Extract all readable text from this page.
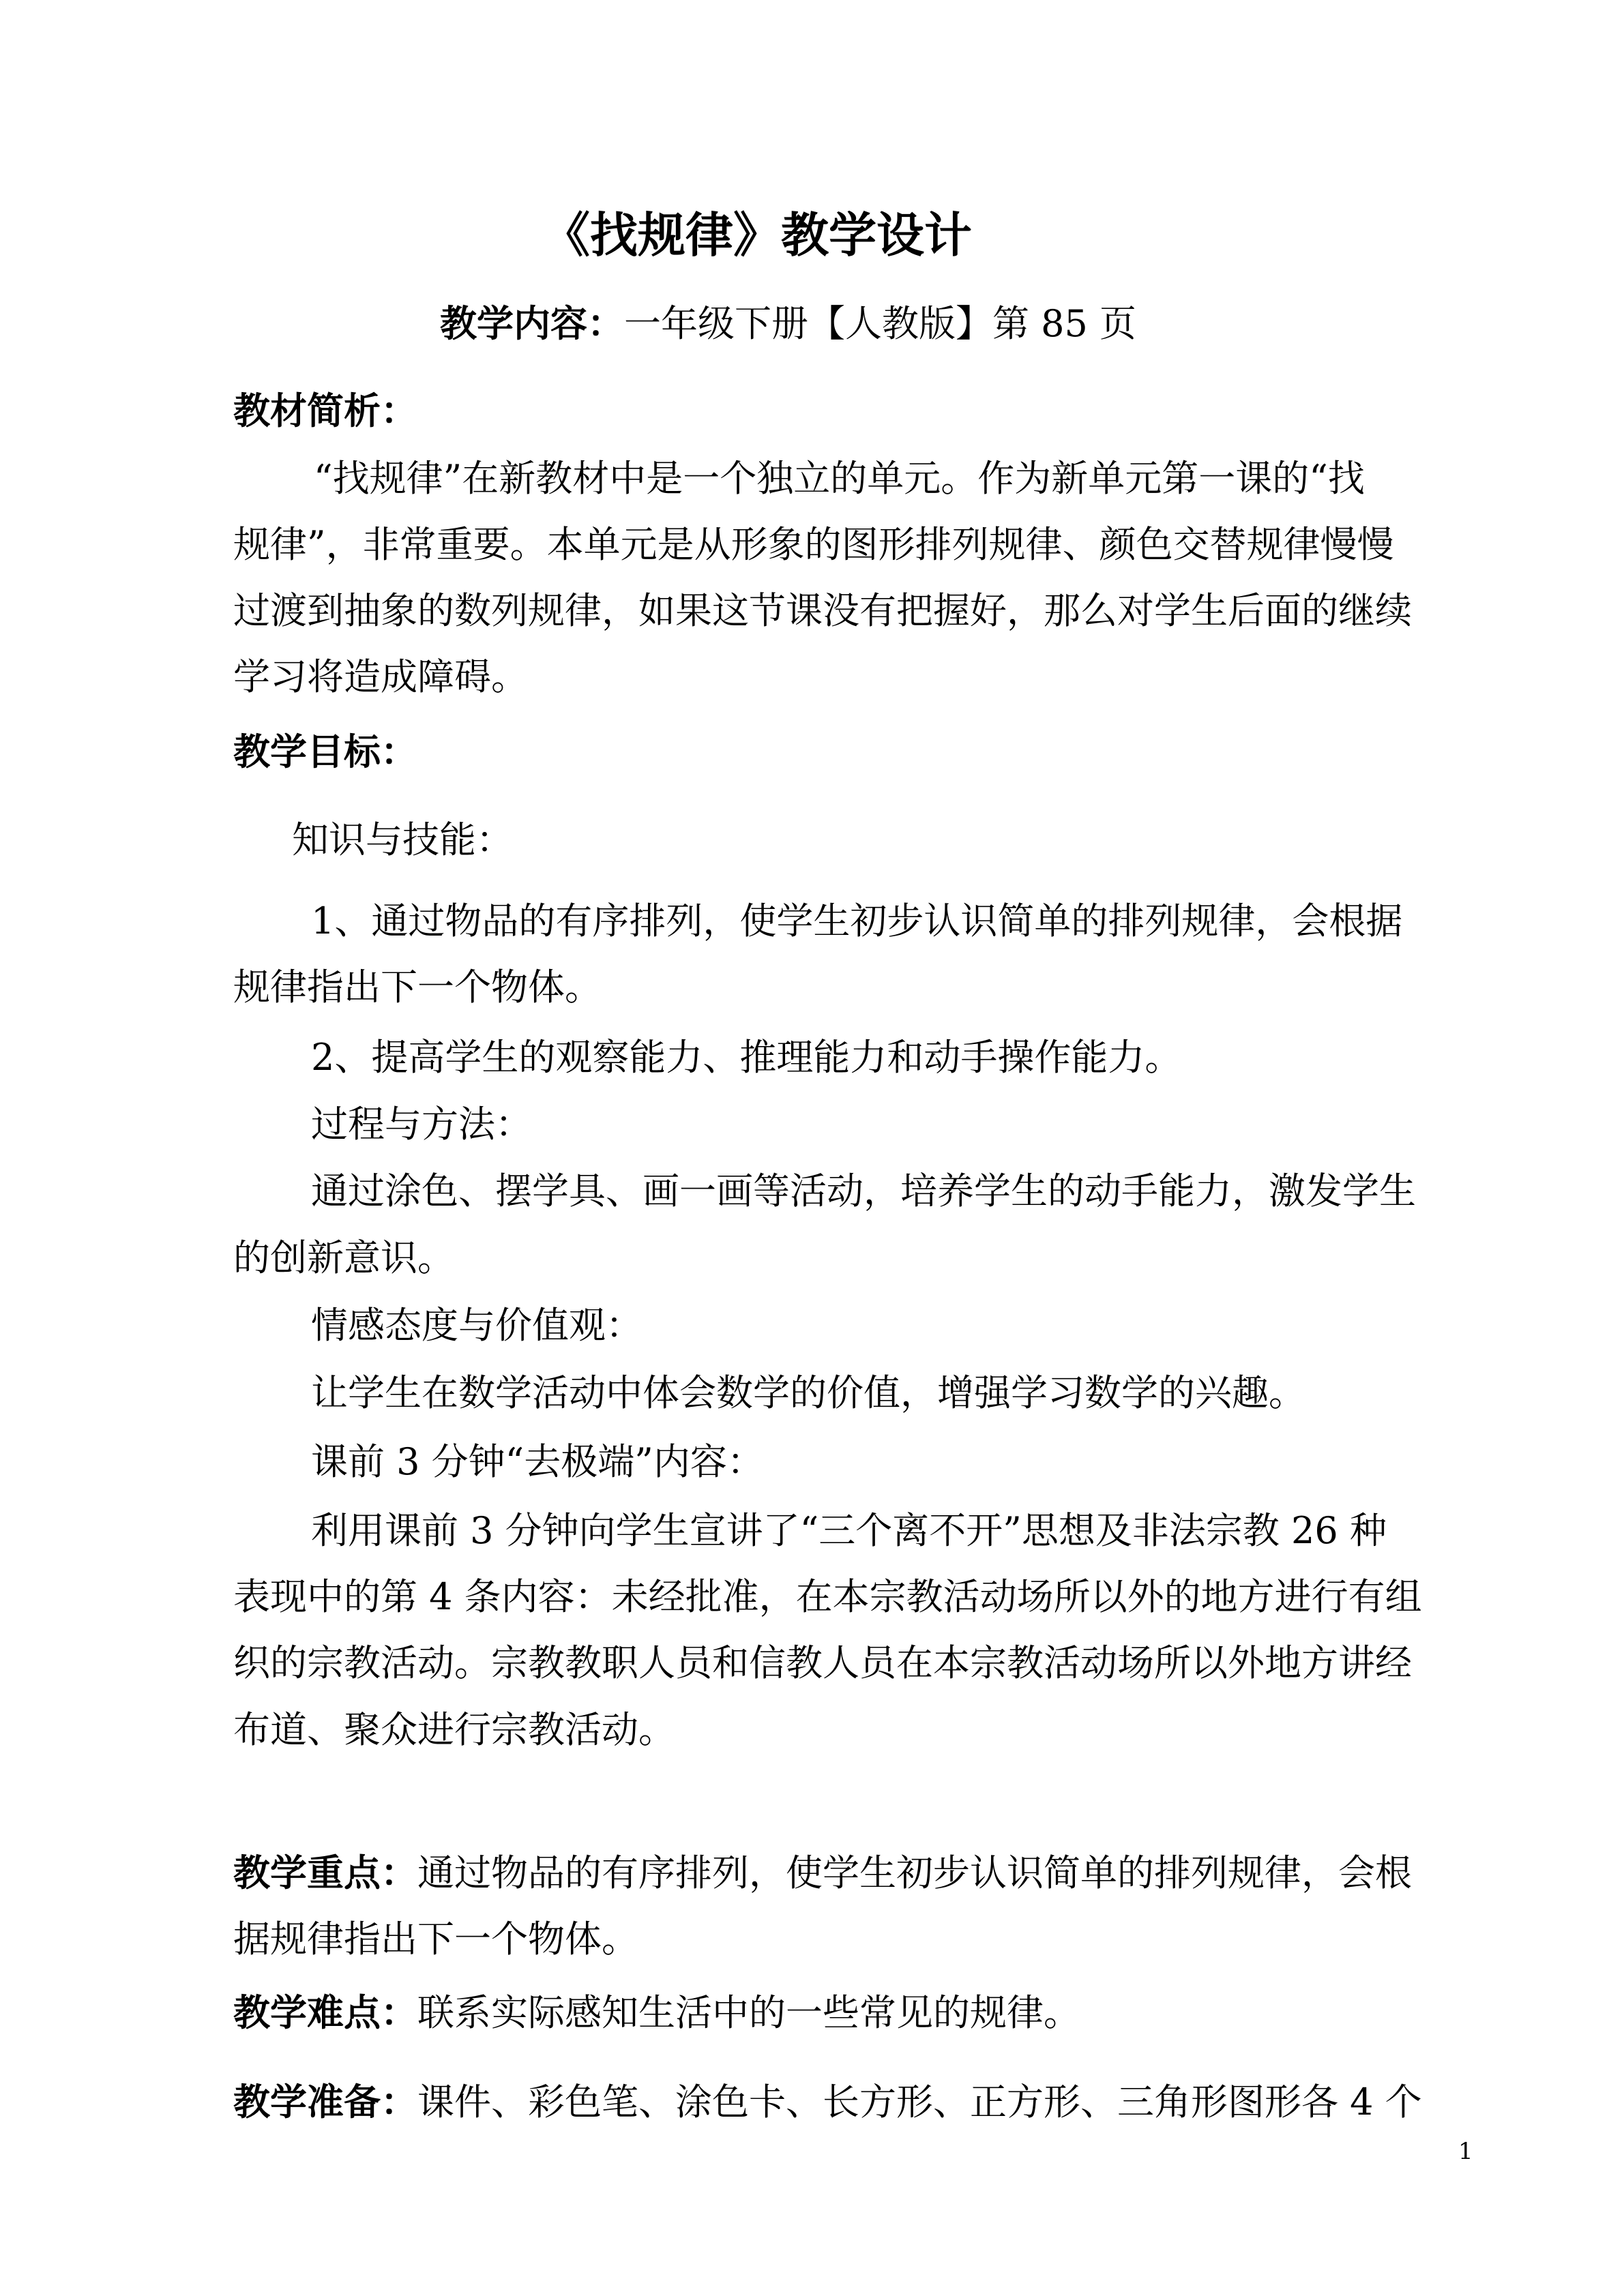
《找规律》教学设计
教学内容：一年级下册【人教版】第 85 页
教材简析：
“找规律”在新教材中是一个独立的单元。作为新单元第一课的“找
规律”，非常重要。本单元是从形象的图形排列规律、颜色交替规律慢慢
过渡到抽象的数列规律，如果这节课没有把握好，那么对学生后面的继续
学习将造成障碍。
教学目标：
知识与技能：
1、通过物品的有序排列，使学生初步认识简单的排列规律，会根据
规律指出下一个物体。
2、提高学生的观察能力、推理能力和动手操作能力。
过程与方法：
通过涂色、摆学具、画一画等活动，培养学生的动手能力，激发学生
的创新意识。
情感态度与价值观：
让学生在数学活动中体会数学的价值，增强学习数学的兴趣。
课前 3 分钟“去极端”内容：
利用课前 3 分钟向学生宣讲了“三个离不开”思想及非法宗教 26 种
表现中的第 4 条内容：未经批准，在本宗教活动场所以外的地方进行有组
织的宗教活动。宗教教职人员和信教人员在本宗教活动场所以外地方讲经
布道、聚众进行宗教活动。
教学重点：通过物品的有序排列，使学生初步认识简单的排列规律，会根
据规律指出下一个物体。
教学难点：联系实际感知生活中的一些常见的规律。
教学准备：课件、彩色笔、涂色卡、长方形、正方形、三角形图形各 4 个
1
